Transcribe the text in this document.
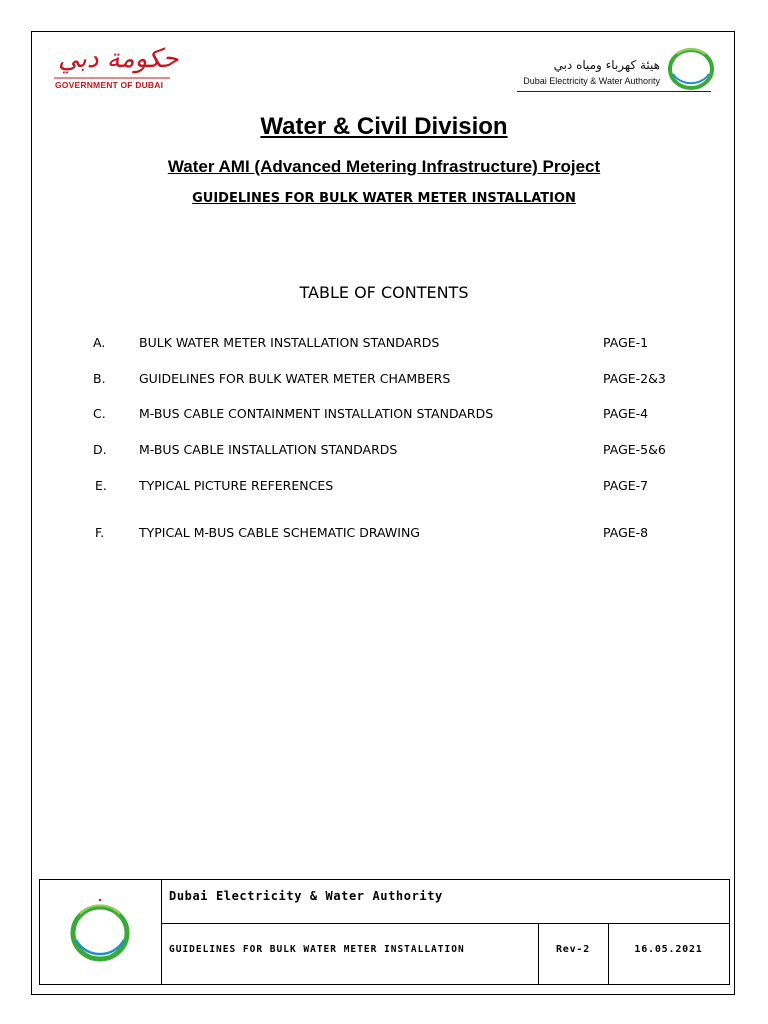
حكومة دبي
GOVERNMENT OF DUBAI
هيئة كهرباء ومياه دبي
Dubai Electricity & Water Authority
Water & Civil Division
Water AMI (Advanced Metering Infrastructure) Project
GUIDELINES FOR BULK WATER METER INSTALLATION
TABLE OF CONTENTS
A.	BULK WATER METER INSTALLATION STANDARDS	PAGE-1
B.	GUIDELINES FOR BULK WATER METER CHAMBERS	PAGE-2&3
C.	M-BUS CABLE CONTAINMENT INSTALLATION STANDARDS	PAGE-4
D.	M-BUS CABLE INSTALLATION STANDARDS	PAGE-5&6
E.	TYPICAL PICTURE REFERENCES	PAGE-7
F.	TYPICAL M-BUS CABLE SCHEMATIC DRAWING	PAGE-8
Dubai Electricity & Water Authority
GUIDELINES FOR BULK WATER METER INSTALLATION	Rev-2	16.05.2021
